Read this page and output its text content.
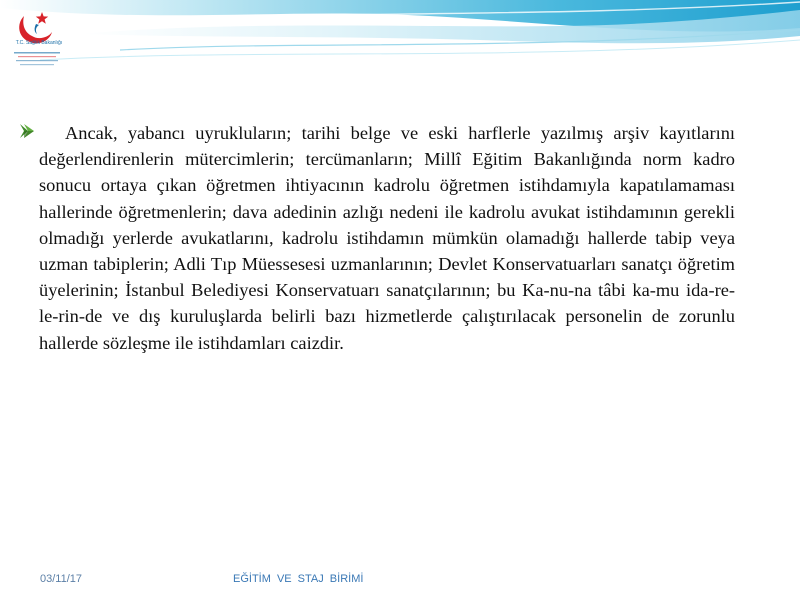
T.C. Sağlık Bakanlığı

Ancak, yabancı uyrukluların; tarihi belge ve eski harflerle yazılmış arşiv kayıtlarını değerlendirenlerin mütercimlerin; tercümanların; Millî Eğitim Bakanlığında norm kadro sonucu ortaya çıkan öğretmen ihtiyacının kadrolu öğretmen istihdamıyla kapatılamaması hallerinde öğretmenlerin; dava adedinin azlığı nedeni ile kadrolu avukat istihdamının gerekli olmadığı yerlerde avukatlarını, kadrolu istihdamın mümkün olamadığı hallerde tabip veya uzman tabiplerin; Adli Tıp Müessesesi uzmanlarının; Devlet Konservatuarları sanatçı öğretim üyelerinin; İstanbul Belediyesi Konservatuarı sanatçılarının; bu Ka-nu-na tâbi ka-mu ida-re-le-rin-de ve dış kuruluşlarda belirli bazı hizmetlerde çalıştırılacak personelin de zorunlu hallerde sözleşme ile istihdamları caizdir.

03/11/17	EĞİTİM VE STAJ BİRİMİ
